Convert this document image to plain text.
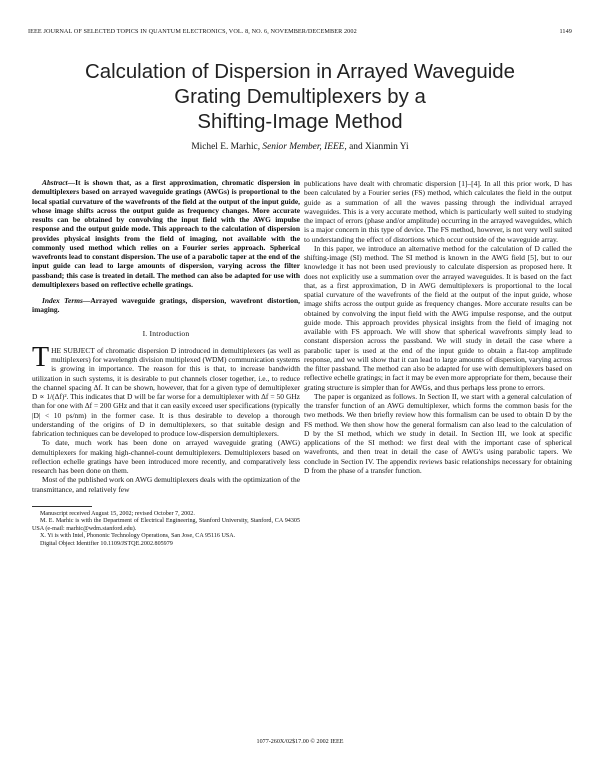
IEEE JOURNAL OF SELECTED TOPICS IN QUANTUM ELECTRONICS, VOL. 8, NO. 6, NOVEMBER/DECEMBER 2002	1149
Calculation of Dispersion in Arrayed Waveguide
Grating Demultiplexers by a
Shifting-Image Method
Michel E. Marhic, Senior Member, IEEE, and Xianmin Yi

Abstract—It is shown that, as a first approximation, chromatic dispersion in demultiplexers based on arrayed waveguide gratings (AWGs) is proportional to the local spatial curvature of the wavefronts of the field at the output of the input guide, whose image shifts across the output guide as frequency changes. More accurate results can be obtained by convolving the input field with the AWG impulse response and the output guide mode. This approach to the calculation of dispersion provides physical insights from the field of imaging, not available with the commonly used method which relies on a Fourier series approach. Spherical wavefronts lead to constant dispersion. The use of a parabolic taper at the end of the input guide can lead to large amounts of dispersion, varying across the filter passband; this case is treated in detail. The method can also be adapted for use with demultiplexers based on reflective echelle gratings.

Index Terms—Arrayed waveguide gratings, dispersion, wavefront distortion, imaging.

I. Introduction

THE SUBJECT of chromatic dispersion D introduced in demultiplexers (as well as multiplexers) for wavelength division multiplexed (WDM) communication systems is growing in importance. The reason for this is that, to increase bandwidth utilization in such systems, it is desirable to put channels closer together, i.e., to reduce the channel spacing Δf. It can be shown, however, that for a given type of demultiplexer D ∝ 1/(Δf)². This indicates that D will be far worse for a demultiplexer with Δf = 50 GHz than for one with Δf = 200 GHz and that it can easily exceed user specifications (typically |D| < 10 ps/nm) in the former case. It is thus desirable to develop a thorough understanding of the origins of D in demultiplexers, so that suitable design and fabrication techniques can be developed to produce low-dispersion demultiplexers.

To date, much work has been done on arrayed waveguide grating (AWG) demultiplexers for making high-channel-count demultiplexers. Demultiplexers based on reflection echelle gratings have been introduced more recently, and comparatively less research has been done on them.

Most of the published work on AWG demultiplexers deals with the optimization of the transmittance, and relatively few

Manuscript received August 15, 2002; revised October 7, 2002.

M. E. Marhic is with the Department of Electrical Engineering, Stanford University, Stanford, CA 94305 USA (e-mail: marhic@wdm.stanford.edu).

X. Yi is with Intel, Phononic Technology Operations, San Jose, CA 95116 USA.

Digital Object Identifier 10.1109/JSTQE.2002.805979

publications have dealt with chromatic dispersion [1]–[4]. In all this prior work, D has been calculated by a Fourier series (FS) method, which calculates the field in the output guide as a summation of all the waves passing through the individual arrayed waveguides. This is a very accurate method, which is particularly well suited to studying the impact of errors (phase and/or amplitude) occurring in the arrayed waveguides, which is a major concern in this type of device. The FS method, however, is not very well suited to understanding the effect of distortions which occur outside of the waveguide array.

In this paper, we introduce an alternative method for the calculation of D called the shifting-image (SI) method. The SI method is known in the AWG field [5], but to our knowledge it has not been used previously to calculate dispersion as proposed here. It does not explicitly use a summation over the arrayed waveguides. It is based on the fact that, as a first approximation, D in AWG demultiplexers is proportional to the local spatial curvature of the wavefronts of the field at the output of the input guide, whose image shifts across the output guide as frequency changes. More accurate results can be obtained by convolving the input field with the AWG impulse response, and the output guide mode. This approach provides physical insights from the field of imaging not available with FS approach. We will show that spherical wavefronts simply lead to constant dispersion across the passband. We will study in detail the case where a parabolic taper is used at the end of the input guide to obtain a flat-top amplitude response, and we will show that it can lead to large amounts of dispersion, varying across the filter passband. The method can also be adapted for use with demultiplexers based on reflective echelle gratings; in fact it may be even more appropriate for them, because their grating structure is simpler than for AWGs, and thus perhaps less prone to errors.

The paper is organized as follows. In Section II, we start with a general calculation of the transfer function of an AWG demultiplexer, which forms the common basis for the two methods. We then briefly review how this formalism can be used to obtain D by the FS method. We then show how the general formalism can also lead to the calculation of D by the SI method, which we study in detail. In Section III, we look at specific applications of the SI method: we first deal with the important case of spherical wavefronts, and then treat in detail the case of AWG's using parabolic tapers. We conclude in Section IV. The appendix reviews basic relationships necessary for obtaining D from the phase of a transfer function.

1077-260X/02$17.00 © 2002 IEEE
